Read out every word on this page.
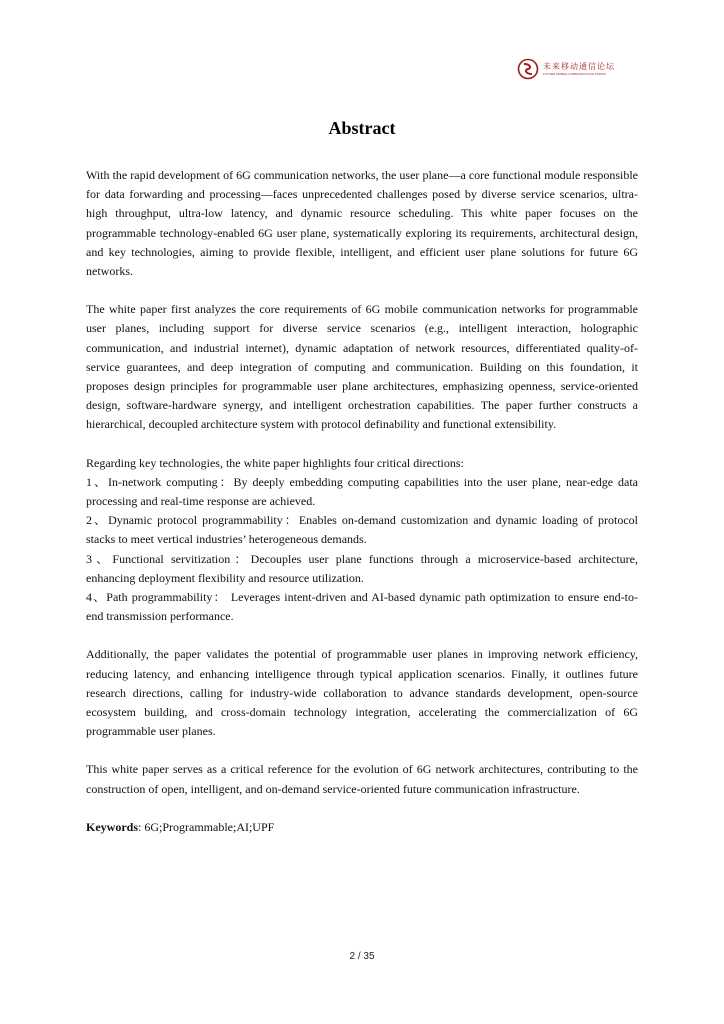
未来移动通信论坛
FUTURE MOBILE COMMUNICATION FORUM
Abstract

With the rapid development of 6G communication networks, the user plane—a core functional module responsible for data forwarding and processing—faces unprecedented challenges posed by diverse service scenarios, ultra-high throughput, ultra-low latency, and dynamic resource scheduling. This white paper focuses on the programmable technology-enabled 6G user plane, systematically exploring its requirements, architectural design, and key technologies, aiming to provide flexible, intelligent, and efficient user plane solutions for future 6G networks.

The white paper first analyzes the core requirements of 6G mobile communication networks for programmable user planes, including support for diverse service scenarios (e.g., intelligent interaction, holographic communication, and industrial internet), dynamic adaptation of network resources, differentiated quality-of-service guarantees, and deep integration of computing and communication. Building on this foundation, it proposes design principles for programmable user plane architectures, emphasizing openness, service-oriented design, software-hardware synergy, and intelligent orchestration capabilities. The paper further constructs a hierarchical, decoupled architecture system with protocol definability and functional extensibility.

Regarding key technologies, the white paper highlights four critical directions:

1、In-network computing：By deeply embedding computing capabilities into the user plane, near-edge data processing and real-time response are achieved.

2、Dynamic protocol programmability：Enables on-demand customization and dynamic loading of protocol stacks to meet vertical industries’ heterogeneous demands.

3、Functional servitization：Decouples user plane functions through a microservice-based architecture, enhancing deployment flexibility and resource utilization.

4、Path programmability： Leverages intent-driven and AI-based dynamic path optimization to ensure end-to-end transmission performance.

Additionally, the paper validates the potential of programmable user planes in improving network efficiency, reducing latency, and enhancing intelligence through typical application scenarios. Finally, it outlines future research directions, calling for industry-wide collaboration to advance standards development, open-source ecosystem building, and cross-domain technology integration, accelerating the commercialization of 6G programmable user planes.

This white paper serves as a critical reference for the evolution of 6G network architectures, contributing to the construction of open, intelligent, and on-demand service-oriented future communication infrastructure.

Keywords: 6G;Programmable;AI;UPF

2 / 35
